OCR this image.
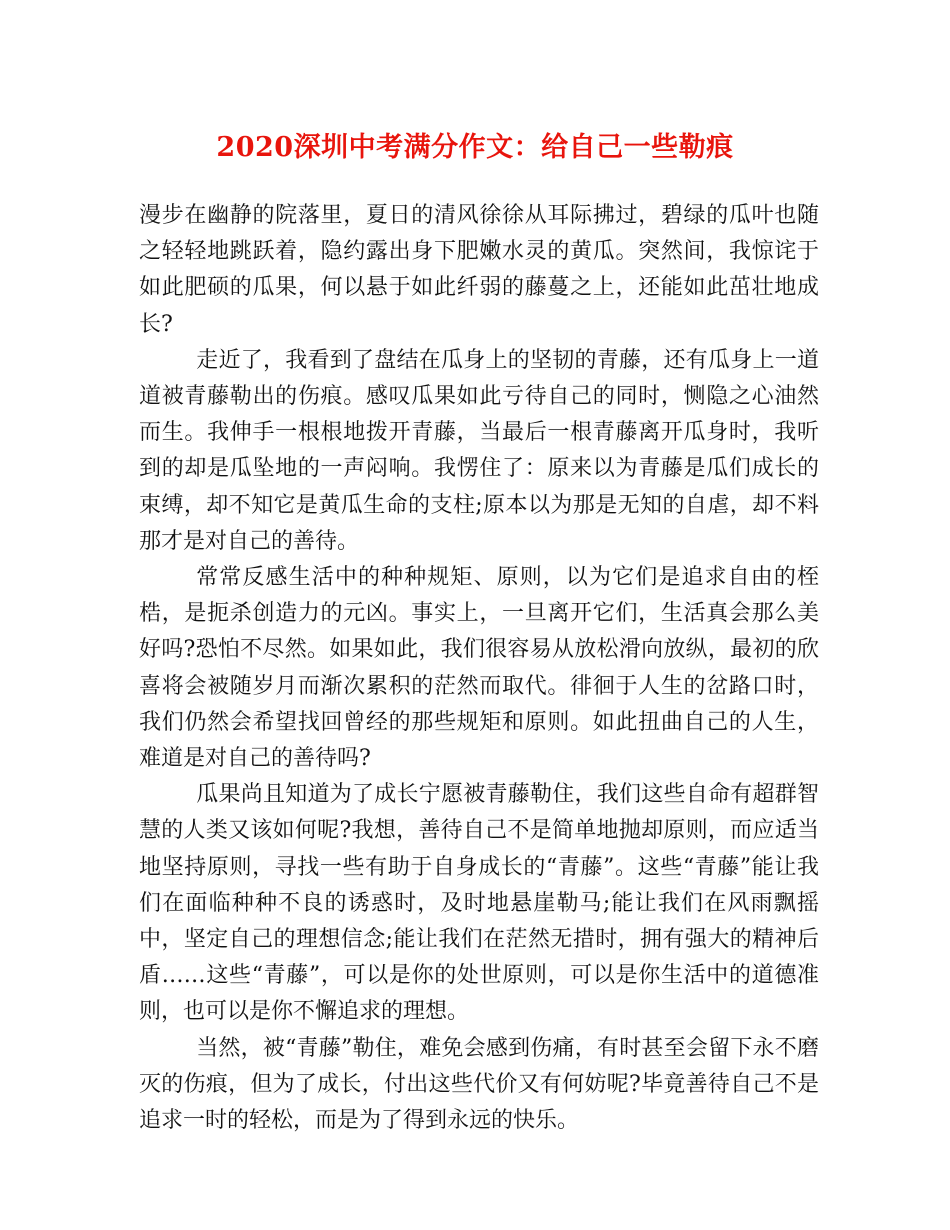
2020深圳中考满分作文：给自己一些勒痕

漫步在幽静的院落里，夏日的清风徐徐从耳际拂过，碧绿的瓜叶也随之轻轻地跳跃着，隐约露出身下肥嫩水灵的黄瓜。突然间，我惊诧于如此肥硕的瓜果，何以悬于如此纤弱的藤蔓之上，还能如此茁壮地成长?

走近了，我看到了盘结在瓜身上的坚韧的青藤，还有瓜身上一道道被青藤勒出的伤痕。感叹瓜果如此亏待自己的同时，恻隐之心油然而生。我伸手一根根地拨开青藤，当最后一根青藤离开瓜身时，我听到的却是瓜坠地的一声闷响。我愣住了：原来以为青藤是瓜们成长的束缚，却不知它是黄瓜生命的支柱;原本以为那是无知的自虐，却不料那才是对自己的善待。

常常反感生活中的种种规矩、原则，以为它们是追求自由的桎梏，是扼杀创造力的元凶。事实上，一旦离开它们，生活真会那么美好吗?恐怕不尽然。如果如此，我们很容易从放松滑向放纵，最初的欣喜将会被随岁月而渐次累积的茫然而取代。徘徊于人生的岔路口时，我们仍然会希望找回曾经的那些规矩和原则。如此扭曲自己的人生，难道是对自己的善待吗?

瓜果尚且知道为了成长宁愿被青藤勒住，我们这些自命有超群智慧的人类又该如何呢?我想，善待自己不是简单地抛却原则，而应适当地坚持原则，寻找一些有助于自身成长的“青藤”。这些“青藤”能让我们在面临种种不良的诱惑时，及时地悬崖勒马;能让我们在风雨飘摇中，坚定自己的理想信念;能让我们在茫然无措时，拥有强大的精神后盾……这些“青藤”，可以是你的处世原则，可以是你生活中的道德准则，也可以是你不懈追求的理想。

当然，被“青藤”勒住，难免会感到伤痛，有时甚至会留下永不磨灭的伤痕，但为了成长，付出这些代价又有何妨呢?毕竟善待自己不是追求一时的轻松，而是为了得到永远的快乐。
